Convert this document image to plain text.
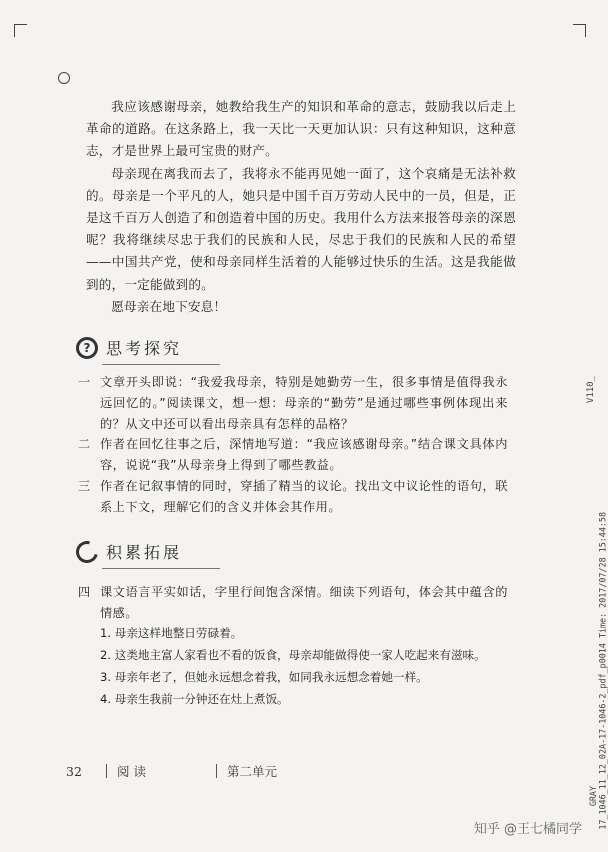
我应该感谢母亲，她教给我生产的知识和革命的意志，鼓励我以后走上革命的道路。在这条路上，我一天比一天更加认识：只有这种知识，这种意志，才是世界上最可宝贵的财产。

母亲现在离我而去了，我将永不能再见她一面了，这个哀痛是无法补救的。母亲是一个平凡的人，她只是中国千百万劳动人民中的一员，但是，正是这千百万人创造了和创造着中国的历史。我用什么方法来报答母亲的深恩呢？我将继续尽忠于我们的民族和人民，尽忠于我们的民族和人民的希望——中国共产党，使和母亲同样生活着的人能够过快乐的生活。这是我能做到的，一定能做到的。

愿母亲在地下安息！

? 思考探究
一 文章开头即说：“我爱我母亲，特别是她勤劳一生，很多事情是值得我永远回忆的。”阅读课文，想一想：母亲的“勤劳”是通过哪些事例体现出来的？从文中还可以看出母亲具有怎样的品格？
二 作者在回忆往事之后，深情地写道：“我应该感谢母亲。”结合课文具体内容，说说“我”从母亲身上得到了哪些教益。
三 作者在记叙事情的同时，穿插了精当的议论。找出文中议论性的语句，联系上下文，理解它们的含义并体会其作用。
积累拓展
四 课文语言平实如话，字里行间饱含深情。细读下列语句，体会其中蕴含的情感。
1. 母亲这样地整日劳碌着。
2. 这类地主富人家看也不看的饭食，母亲却能做得使一家人吃起来有滋味。
3. 母亲年老了，但她永远想念着我，如同我永远想念着她一样。
4. 母亲生我前一分钟还在灶上煮饭。
32	阅 读	第二单元
V110_
17_1046_11_12_02A-17-1046-2_pdf_p0014 Time: 2017/07/28 15:44:58
GRAY
知乎 @王七橘同学
